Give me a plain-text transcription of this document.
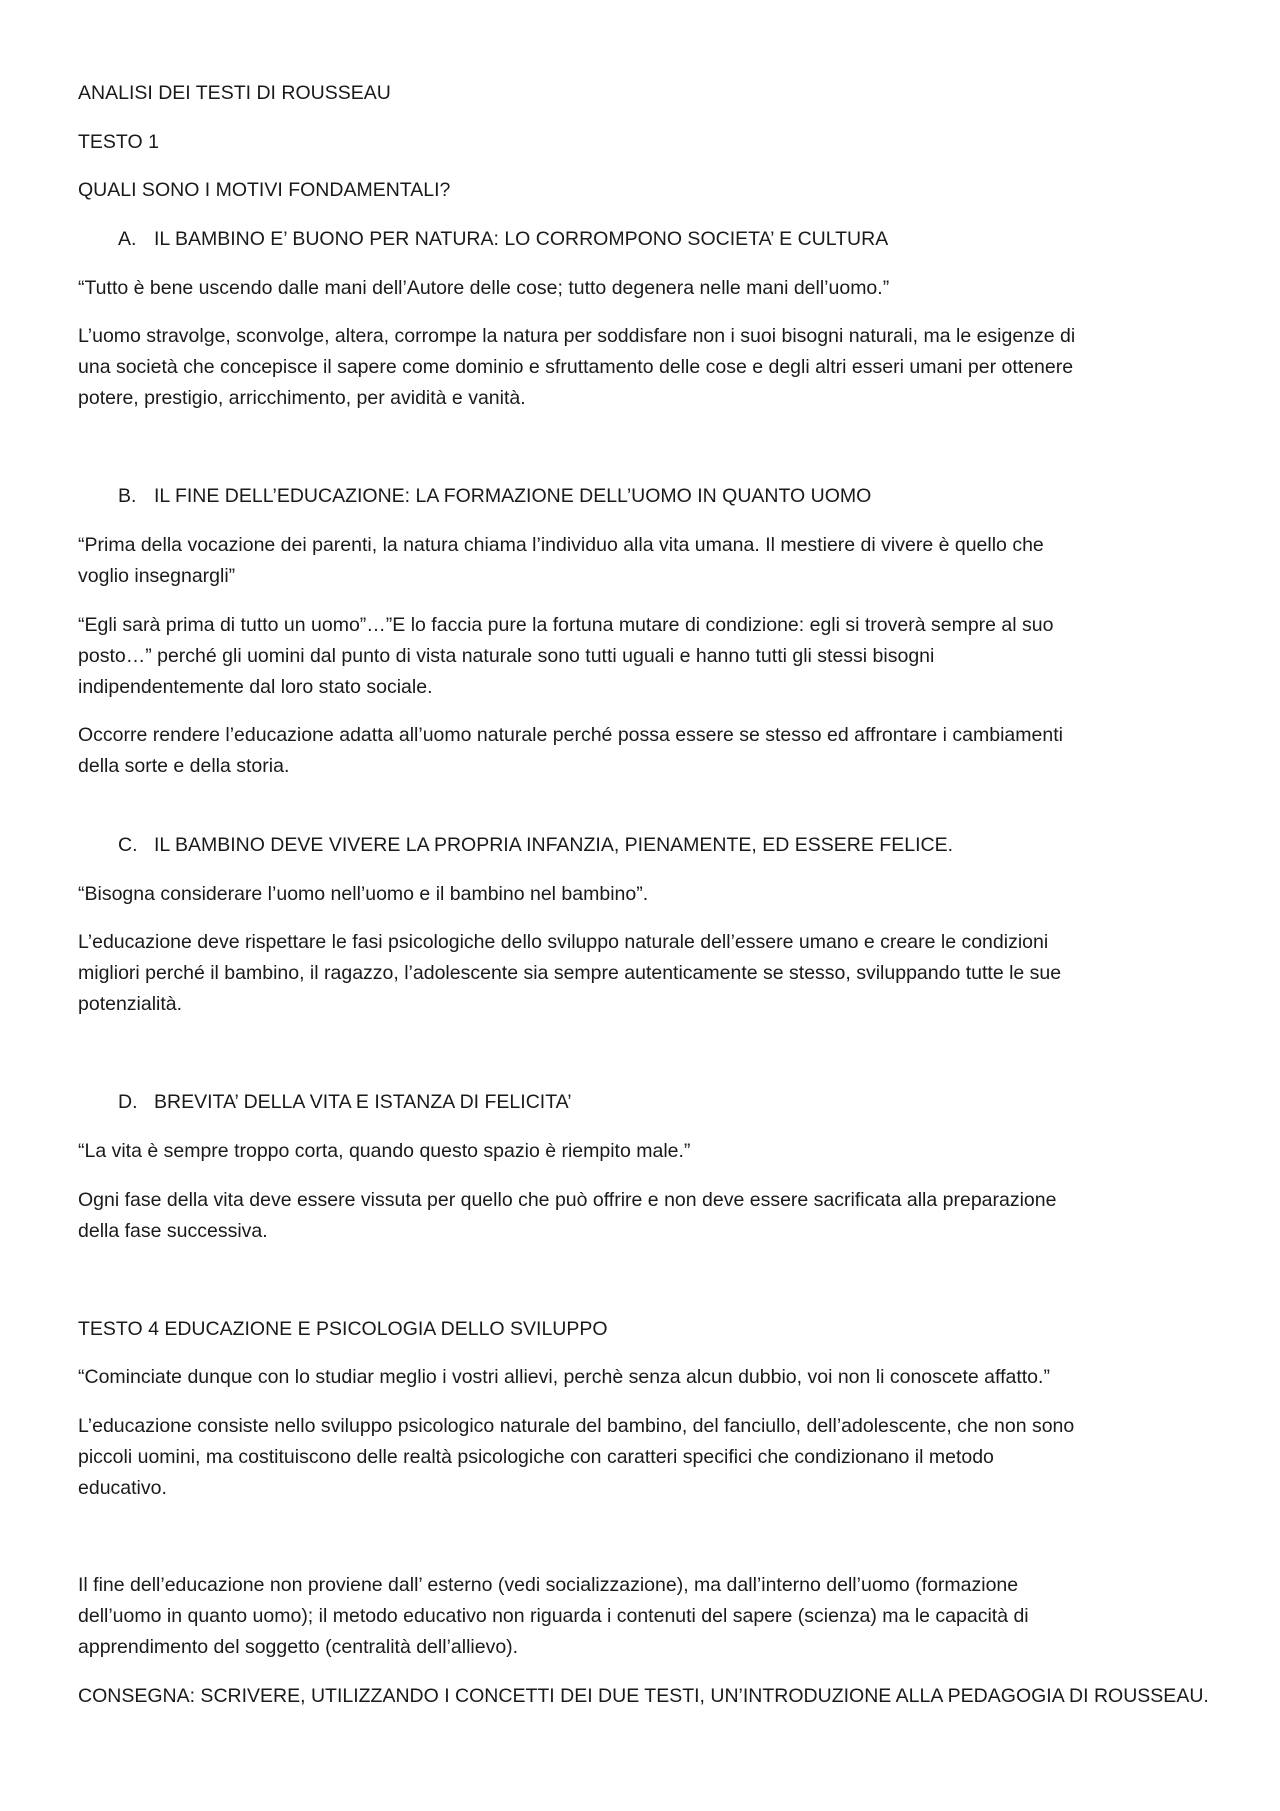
ANALISI DEI TESTI DI ROUSSEAU
TESTO 1
QUALI SONO I MOTIVI FONDAMENTALI?
A. IL BAMBINO E’ BUONO PER NATURA: LO CORROMPONO SOCIETA’ E CULTURA
“Tutto è bene uscendo dalle mani dell’Autore delle cose; tutto degenera nelle mani dell’uomo.”
L’uomo stravolge, sconvolge, altera, corrompe la natura per soddisfare non i suoi bisogni naturali, ma le esigenze di
una società che concepisce il sapere come dominio e sfruttamento delle cose e degli altri esseri umani per ottenere
potere, prestigio, arricchimento, per avidità e vanità.
B. IL FINE DELL’EDUCAZIONE: LA FORMAZIONE DELL’UOMO IN QUANTO UOMO
“Prima della vocazione dei parenti, la natura chiama l’individuo alla vita umana. Il mestiere di vivere è quello che
voglio insegnargli”
“Egli sarà prima di tutto un uomo”…”E lo faccia pure la fortuna mutare di condizione: egli si troverà sempre al suo
posto…” perché gli uomini dal punto di vista naturale sono tutti uguali e hanno tutti gli stessi bisogni
indipendentemente dal loro stato sociale.
Occorre rendere l’educazione adatta all’uomo naturale perché possa essere se stesso ed affrontare i cambiamenti
della sorte e della storia.
C. IL BAMBINO DEVE VIVERE LA PROPRIA INFANZIA, PIENAMENTE, ED ESSERE FELICE.
“Bisogna considerare l’uomo nell’uomo e il bambino nel bambino”.
L’educazione deve rispettare le fasi psicologiche dello sviluppo naturale dell’essere umano e creare le condizioni
migliori perché il bambino, il ragazzo, l’adolescente sia sempre autenticamente se stesso, sviluppando tutte le sue
potenzialità.
D. BREVITA’ DELLA VITA E ISTANZA DI FELICITA’
“La vita è sempre troppo corta, quando questo spazio è riempito male.”
Ogni fase della vita deve essere vissuta per quello che può offrire e non deve essere sacrificata alla preparazione
della fase successiva.
TESTO 4 EDUCAZIONE E PSICOLOGIA DELLO SVILUPPO
“Cominciate dunque con lo studiar meglio i vostri allievi, perchè senza alcun dubbio, voi non li conoscete affatto.”
L’educazione consiste nello sviluppo psicologico naturale del bambino, del fanciullo, dell’adolescente, che non sono
piccoli uomini, ma costituiscono delle realtà psicologiche con caratteri specifici che condizionano il metodo
educativo.
Il fine dell’educazione non proviene dall’ esterno (vedi socializzazione), ma dall’interno dell’uomo (formazione
dell’uomo in quanto uomo); il metodo educativo non riguarda i contenuti del sapere (scienza) ma le capacità di
apprendimento del soggetto (centralità dell’allievo).
CONSEGNA: SCRIVERE, UTILIZZANDO I CONCETTI DEI DUE TESTI, UN’INTRODUZIONE ALLA PEDAGOGIA DI ROUSSEAU.
